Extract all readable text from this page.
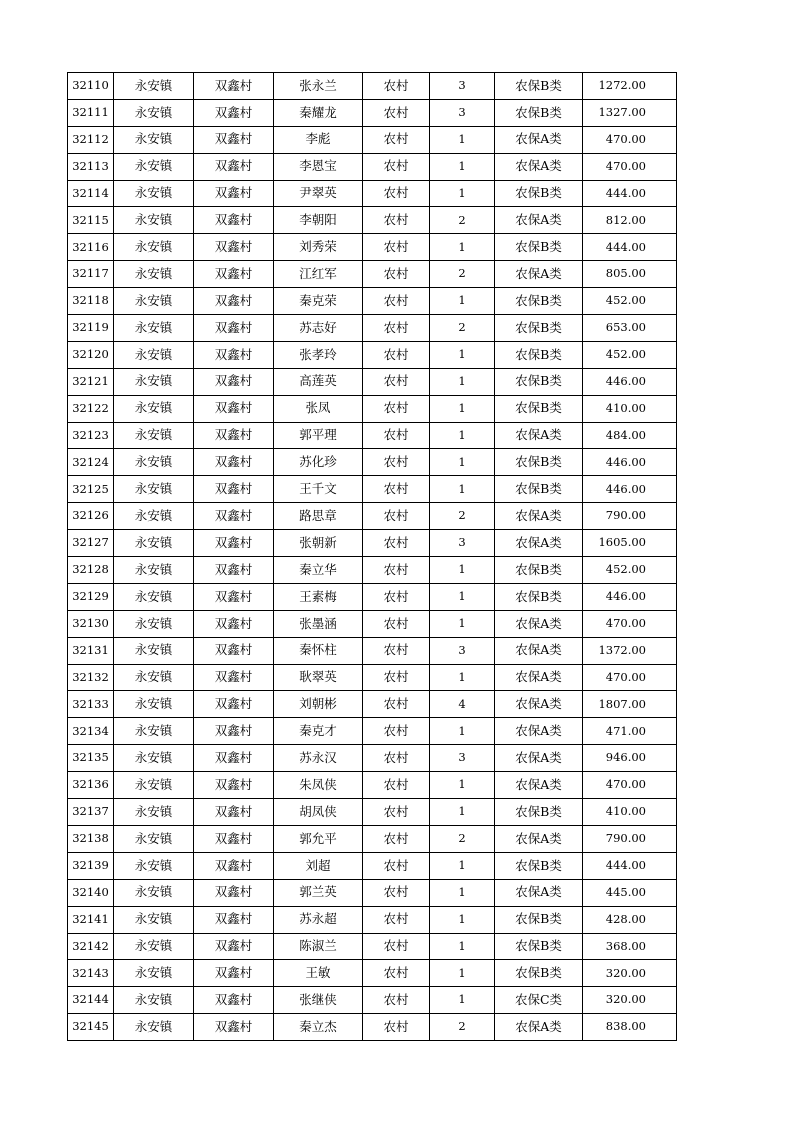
32110	永安镇	双鑫村	张永兰	农村	3	农保B类	1272.00
32111	永安镇	双鑫村	秦耀龙	农村	3	农保B类	1327.00
32112	永安镇	双鑫村	李彪	农村	1	农保A类	470.00
32113	永安镇	双鑫村	李恩宝	农村	1	农保A类	470.00
32114	永安镇	双鑫村	尹翠英	农村	1	农保B类	444.00
32115	永安镇	双鑫村	李朝阳	农村	2	农保A类	812.00
32116	永安镇	双鑫村	刘秀荣	农村	1	农保B类	444.00
32117	永安镇	双鑫村	江红军	农村	2	农保A类	805.00
32118	永安镇	双鑫村	秦克荣	农村	1	农保B类	452.00
32119	永安镇	双鑫村	苏志好	农村	2	农保B类	653.00
32120	永安镇	双鑫村	张孝玲	农村	1	农保B类	452.00
32121	永安镇	双鑫村	高莲英	农村	1	农保B类	446.00
32122	永安镇	双鑫村	张凤	农村	1	农保B类	410.00
32123	永安镇	双鑫村	郭平理	农村	1	农保A类	484.00
32124	永安镇	双鑫村	苏化珍	农村	1	农保B类	446.00
32125	永安镇	双鑫村	王千文	农村	1	农保B类	446.00
32126	永安镇	双鑫村	路思章	农村	2	农保A类	790.00
32127	永安镇	双鑫村	张朝新	农村	3	农保A类	1605.00
32128	永安镇	双鑫村	秦立华	农村	1	农保B类	452.00
32129	永安镇	双鑫村	王素梅	农村	1	农保B类	446.00
32130	永安镇	双鑫村	张墨涵	农村	1	农保A类	470.00
32131	永安镇	双鑫村	秦怀柱	农村	3	农保A类	1372.00
32132	永安镇	双鑫村	耿翠英	农村	1	农保A类	470.00
32133	永安镇	双鑫村	刘朝彬	农村	4	农保A类	1807.00
32134	永安镇	双鑫村	秦克才	农村	1	农保A类	471.00
32135	永安镇	双鑫村	苏永汉	农村	3	农保A类	946.00
32136	永安镇	双鑫村	朱凤侠	农村	1	农保A类	470.00
32137	永安镇	双鑫村	胡凤侠	农村	1	农保B类	410.00
32138	永安镇	双鑫村	郭允平	农村	2	农保A类	790.00
32139	永安镇	双鑫村	刘超	农村	1	农保B类	444.00
32140	永安镇	双鑫村	郭兰英	农村	1	农保A类	445.00
32141	永安镇	双鑫村	苏永超	农村	1	农保B类	428.00
32142	永安镇	双鑫村	陈淑兰	农村	1	农保B类	368.00
32143	永安镇	双鑫村	王敏	农村	1	农保B类	320.00
32144	永安镇	双鑫村	张继侠	农村	1	农保C类	320.00
32145	永安镇	双鑫村	秦立杰	农村	2	农保A类	838.00
